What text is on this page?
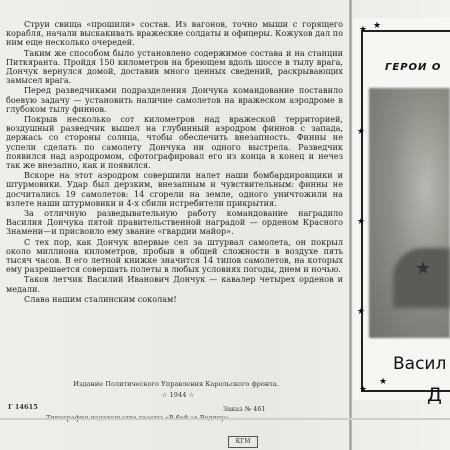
Стрyи свища «прошили» состав. Из вагонов, точно мыши с горящего корабля, начали выскакивать вражеские солдаты и офицеры. Кожухов дал по ним еще несколько очередей.

Таким же способом было установлено содержимое состава и на станции Питкяранта. Пройдя 150 километров на бреющем вдоль шоссе в тылу врага, Дончук вернулся домой, доставив много ценных сведений, раскрывающих замысел врага.

Перед разведчиками подразделения Дончука командование поставило боевую задачу — установить наличие самолетов на вражеском аэродроме в глубоком тылу финнов.

Покрыв несколько сот километров над вражеской территорией, воздушный разведчик вышел на глубинный аэродром финнов с запада, держась со стороны солнца, чтобы обеспечить внезапность. Финны не успели сделать по самолету Дончука ни одного выстрела. Разведчик появился над аэродромом, сфотографировал его из конца в конец и нечез так же внезапно, как и появился.

Вскоре на этот аэродром совершили налет наши бомбардировщики и штурмовики. Удар был дерзким, внезапным и чувствительным: финны не досчитались 19 самолетов: 14 сгорели на земле, одного уничтожили на взлете наши штурмовики и 4-х сбили истребители прикрытия.

За отличную разведывательную работу командование наградило Василия Дончука пятой правительственной наградой — орденом Красного Знамени—и присвоило ему звание «гвардии майор».

С тех пор, как Дончук впервые сел за штурвал самолета, он покрыл около миллиона километров, пробыв в общей сложности в воздухе пять тысяч часов. В его летной книжке значится 14 типов самолетов, на которых ему разрешается совершать полеты в любых условиях погоды, днем и ночью.

Таков летчик Василий Иванович Дончук — кавалер четырех орденов и медали.

Слава нашим сталинским соколам!

Издание Политического Управления Карельского фронта.
☆ 1944 ☆
Г 14615	Заказ № 461
КГМ
★ ★
★
★
★
★
★
ГЕРОИ О
★
Васил
Д
